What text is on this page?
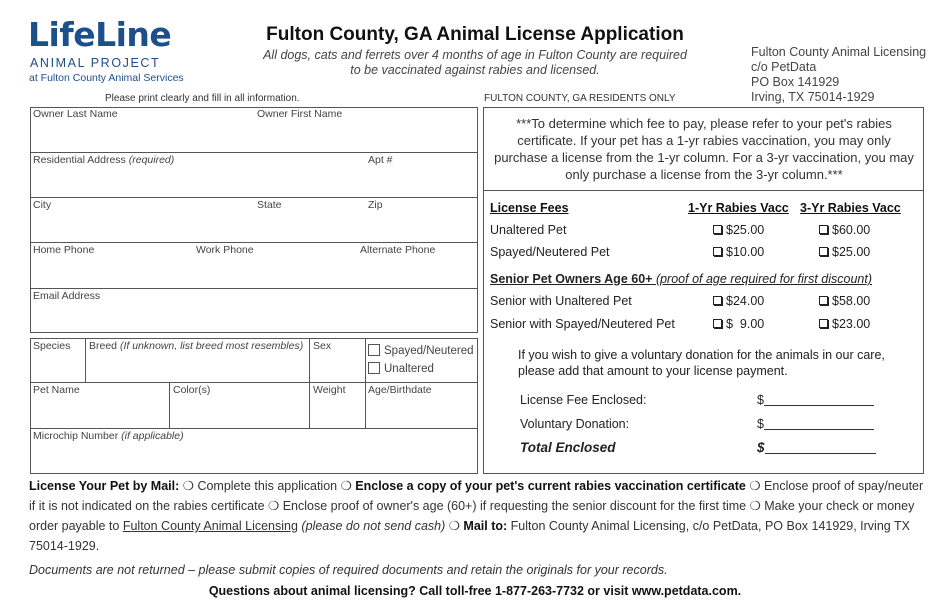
LifeLine
ANIMAL PROJECT
at Fulton County Animal Services
Fulton County, GA Animal License Application
All dogs, cats and ferrets over 4 months of age in Fulton County are required to be vaccinated against rabies and licensed.
Fulton County Animal Licensing
c/o PetData
PO Box 141929
Irving, TX 75014-1929
Please print clearly and fill in all information.	FULTON COUNTY, GA RESIDENTS ONLY
Owner Last Name	Owner First Name
Residential Address (required)	Apt #
City	State	Zip
Home Phone	Work Phone	Alternate Phone
Email Address
Species Breed (If unknown, list breed most resembles) Sex	Spayed/Neutered
Unaltered
Pet Name	Color(s)	Weight Age/Birthdate
Microchip Number (if applicable)
***To determine which fee to pay, please refer to your pet's rabies certificate. If your pet has a 1-yr rabies vaccination, you may only purchase a license from the 1-yr column. For a 3-yr vaccination, you may only purchase a license from the 3-yr column.***
License Fees	1-Yr Rabies Vacc 3-Yr Rabies Vacc
Unaltered Pet	$25.00	$60.00
Spayed/Neutered Pet	$10.00	$25.00
Senior Pet Owners Age 60+ (proof of age required for first discount)
Senior with Unaltered Pet	$24.00	$58.00
Senior with Spayed/Neutered Pet	$  9.00	$23.00
If you wish to give a voluntary donation for the animals in our care, please add that amount to your license payment.
License Fee Enclosed:	$
Voluntary Donation:	$
Total Enclosed	$
License Your Pet by Mail: ❍ Complete this application ❍ Enclose a copy of your pet's current rabies vaccination certificate ❍ Enclose proof of spay/neuter if it is not indicated on the rabies certificate ❍ Enclose proof of owner's age (60+) if requesting the senior discount for the first time ❍ Make your check or money order payable to Fulton County Animal Licensing (please do not send cash) ❍ Mail to: Fulton County Animal Licensing, c/o PetData, PO Box 141929, Irving TX 75014-1929.
Documents are not returned – please submit copies of required documents and retain the originals for your records.
Questions about animal licensing? Call toll-free 1-877-263-7732 or visit www.petdata.com.
